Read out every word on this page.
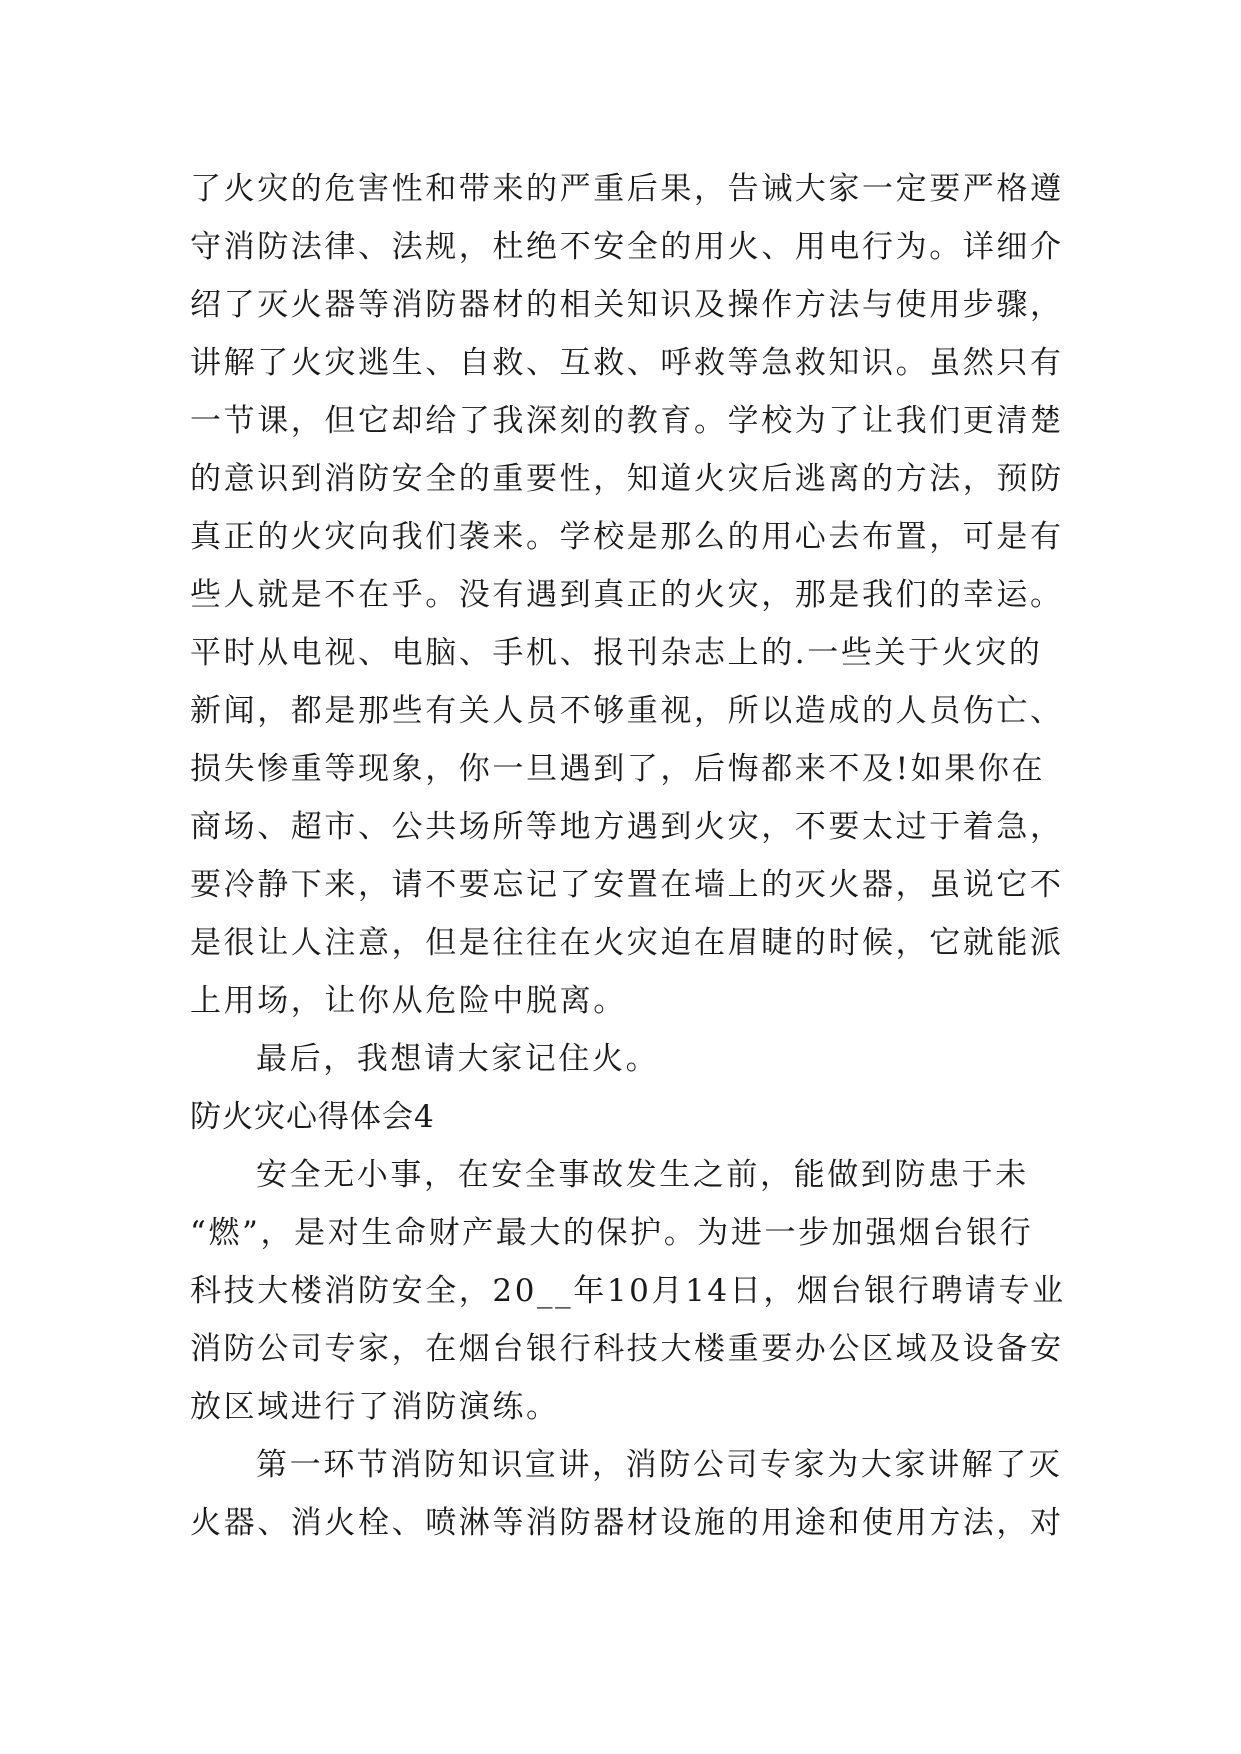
了火灾的危害性和带来的严重后果，告诫大家一定要严格遵
守消防法律、法规，杜绝不安全的用火、用电行为。详细介
绍了灭火器等消防器材的相关知识及操作方法与使用步骤，
讲解了火灾逃生、自救、互救、呼救等急救知识。虽然只有
一节课，但它却给了我深刻的教育。学校为了让我们更清楚
的意识到消防安全的重要性，知道火灾后逃离的方法，预防
真正的火灾向我们袭来。学校是那么的用心去布置，可是有
些人就是不在乎。没有遇到真正的火灾，那是我们的幸运。
平时从电视、电脑、手机、报刊杂志上的.一些关于火灾的
新闻，都是那些有关人员不够重视，所以造成的人员伤亡、
损失惨重等现象，你一旦遇到了，后悔都来不及!如果你在
商场、超市、公共场所等地方遇到火灾，不要太过于着急，
要冷静下来，请不要忘记了安置在墙上的灭火器，虽说它不
是很让人注意，但是往往在火灾迫在眉睫的时候，它就能派
上用场，让你从危险中脱离。
最后，我想请大家记住火。
防火灾心得体会4
安全无小事，在安全事故发生之前，能做到防患于未
“燃”，是对生命财产最大的保护。为进一步加强烟台银行
科技大楼消防安全，20__年10月14日，烟台银行聘请专业
消防公司专家，在烟台银行科技大楼重要办公区域及设备安
放区域进行了消防演练。
第一环节消防知识宣讲，消防公司专家为大家讲解了灭
火器、消火栓、喷淋等消防器材设施的用途和使用方法，对
